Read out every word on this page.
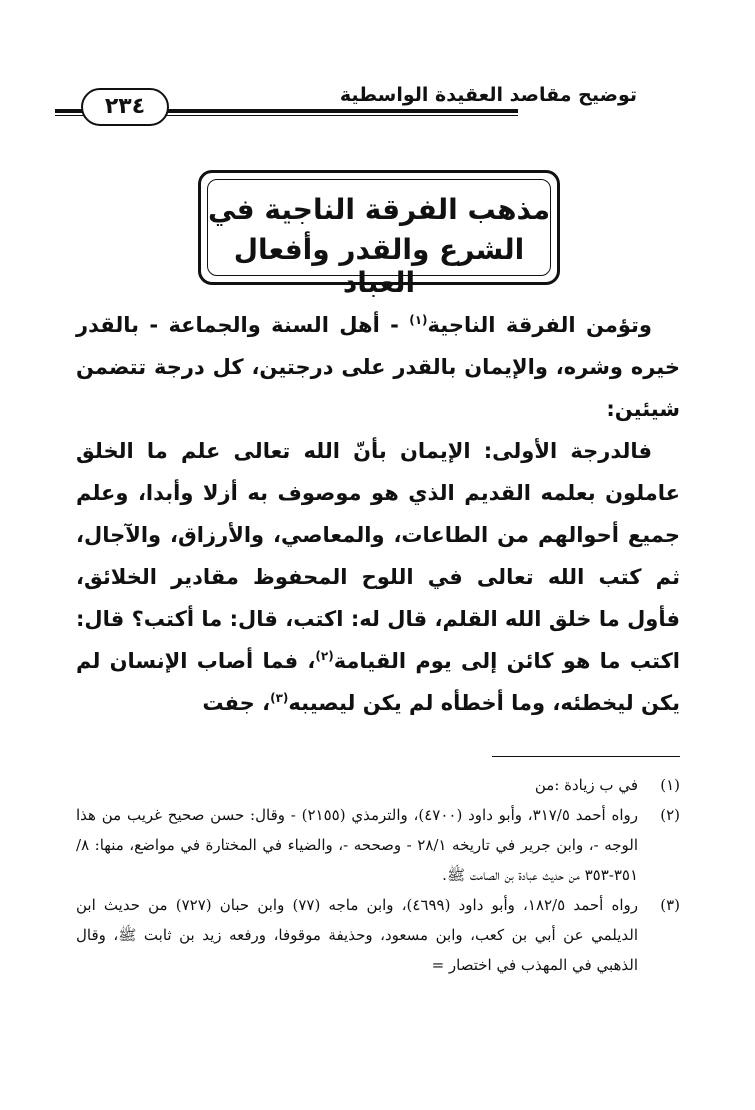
توضيح مقاصد العقيدة الواسطية
٢٣٤
مذهب الفرقة الناجية في
الشرع والقدر وأفعال العباد

وتؤمن الفرقة الناجية$^{(١)}$ - أهل السنة والجماعة - بالقدر خيره وشره، والإيمان بالقدر على درجتين، كل درجة تتضمن شيئين:

فالدرجة الأولى: الإيمان بأنّ الله تعالى علم ما الخلق عاملون بعلمه القديم الذي هو موصوف به أزلا وأبدا، وعلم جميع أحوالهم من الطاعات، والمعاصي، والأرزاق، والآجال، ثم كتب الله تعالى في اللوح المحفوظ مقادير الخلائق، فأول ما خلق الله القلم، قال له: اكتب، قال: ما أكتب؟ قال: اكتب ما هو كائن إلى يوم القيامة$^{(٢)}$، فما أصاب الإنسان لم يكن ليخطئه، وما أخطأه لم يكن ليصيبه$^{(٣)}$، جفت

(١)
في ب زيادة :من
(٢)
رواه أحمد ٣١٧/٥، وأبو داود (٤٧٠٠)، والترمذي (٢١٥٥) - وقال: حسن صحيح غريب من هذا الوجه -، وابن جرير في تاريخه ٢٨/١ - وصححه -، والضياء في المختارة في مواضع، منها: ٨/ ٣٥١-٣٥٣ من حديث عبادة بن الصامت ﷺ.
(٣)
رواه أحمد ١٨٢/٥، وأبو داود (٤٦٩٩)، وابن ماجه (٧٧) وابن حبان (٧٢٧) من حديث ابن الديلمي عن أبي بن كعب، وابن مسعود، وحذيفة موقوفا، ورفعه زيد بن ثابت ﷺ، وقال الذهبي في المهذب في اختصار =
